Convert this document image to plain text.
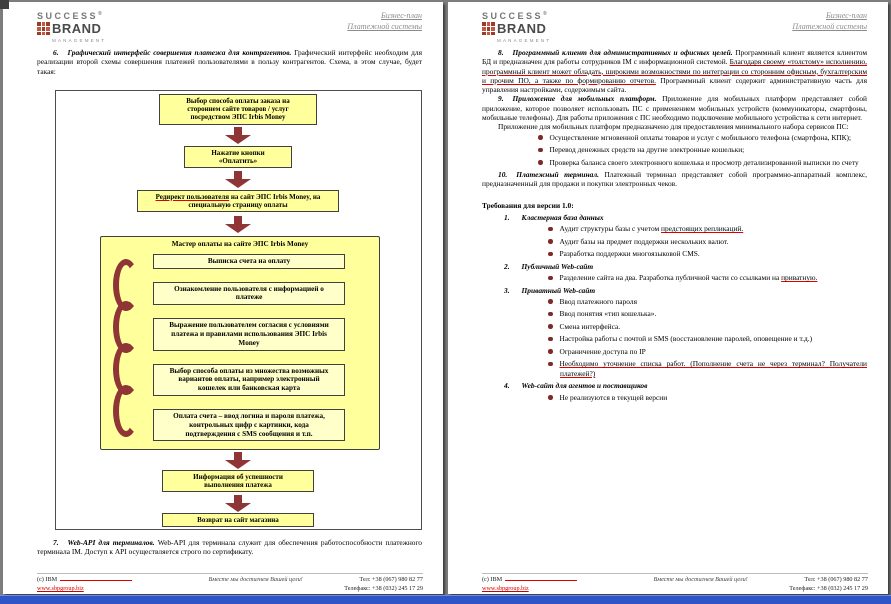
SUCCESS®
BRAND
MANAGEMENT
Бизнес-план
Платежной системы

6. Графический интерфейс совершения платежа для контрагентов. Графический интерфейс необходим для реализации второй схемы совершения платежей пользователями в пользу контрагентов. Схема, в этом случае, будет такая:

Выбор способа оплаты заказа на стороннем сайте товаров / услуг посредством ЭПС Irbis Money
Нажатие кнопки «Оплатить»
Редирект пользователя на сайт ЭПС Irbis Money, на специальную страницу оплаты
Мастер оплаты на сайте ЭПС Irbis Money
Выписка счета на оплату
Ознакомление пользователя с информацией о платеже
Выражение пользователем согласия с условиями платежа и правилами использования ЭПС Irbis Money
Выбор способа оплаты из множества возможных вариантов оплаты, например электронный кошелек или банковская карта
Оплата счета – ввод логина и пароля платежа, контрольных цифр с картинки, кода подтверждения с SMS сообщения и т.п.
Информация об успешности выполнения платежа
Возврат на сайт магазина

7. Web-API для терминалов. Web-API для терминала служит для обеспечения работоспособности платежного терминала IM. Доступ к API осуществляется строго по сертификату.

(с) IBM
www.sbpgroup.biz
Вместе мы достигнем Вашей цели!	Тел: +38 (067) 980 82 77
Телефакс: +38 (032) 245 17 29
SUCCESS®
BRAND
MANAGEMENT
Бизнес-план
Платежной системы

8. Программный клиент для административных и офисных целей. Программный клиент является клиентом БД и предназначен для работы сотрудников IM с информационной системой. Благодаря своему «толстому» исполнению, программный клиент может обладать, широкими возможностями по интеграции со сторонним офисным, бухгалтерским и прочим ПО, а также по формированию отчетов. Программный клиент содержит административную часть для управления настройками, содержимым сайта.

9. Приложение для мобильных платформ. Приложение для мобильных платформ представляет собой приложение, которое позволяет использовать ПС с применением мобильных устройств (коммуникаторы, смартфоны, мобильные телефоны). Для работы приложения с ПС необходимо подключение мобильного устройства к сети интернет.

Приложение для мобильных платформ предназначено для предоставления минимального набора сервисов ПС:

Осуществление мгновенной оплаты товаров и услуг с мобильного телефона (смартфона, КПК);
Перевод денежных средств на другие электронные кошельки;
Проверка баланса своего электронного кошелька и просмотр детализированной выписки по счету

10. Платежный терминал. Платежный терминал представляет собой программно-аппаратный комплекс, предназначенный для продажи и покупки электронных чеков.

Требования для версии 1.0:
1. Кластерная база данных
Аудит структуры базы с учетом предстоящих репликаций.
Аудит базы на предмет поддержки нескольких валют.
Разработка поддержки многоязыковой CMS.
2. Публичный Web-сайт
Разделение сайта на два. Разработка публичной части со ссылками на приватную.
3. Приватный Web-сайт
Ввод платежного пароля
Ввод понятия «тип кошелька».
Смена интерфейса.
Настройка работы с почтой и SMS (восстановление паролей, оповещение и т.д.)
Ограничение доступа по IP
Необходимо уточнение списка работ. (Пополнение счета не через терминал? Получатели платежей?)
4. Web-сайт для агентов и поставщиков
Не реализуются в текущей версии
(с) IBM
www.sbpgroup.biz
Вместе мы достигнем Вашей цели!	Тел: +38 (067) 980 82 77
Телефакс: +38 (032) 245 17 29
